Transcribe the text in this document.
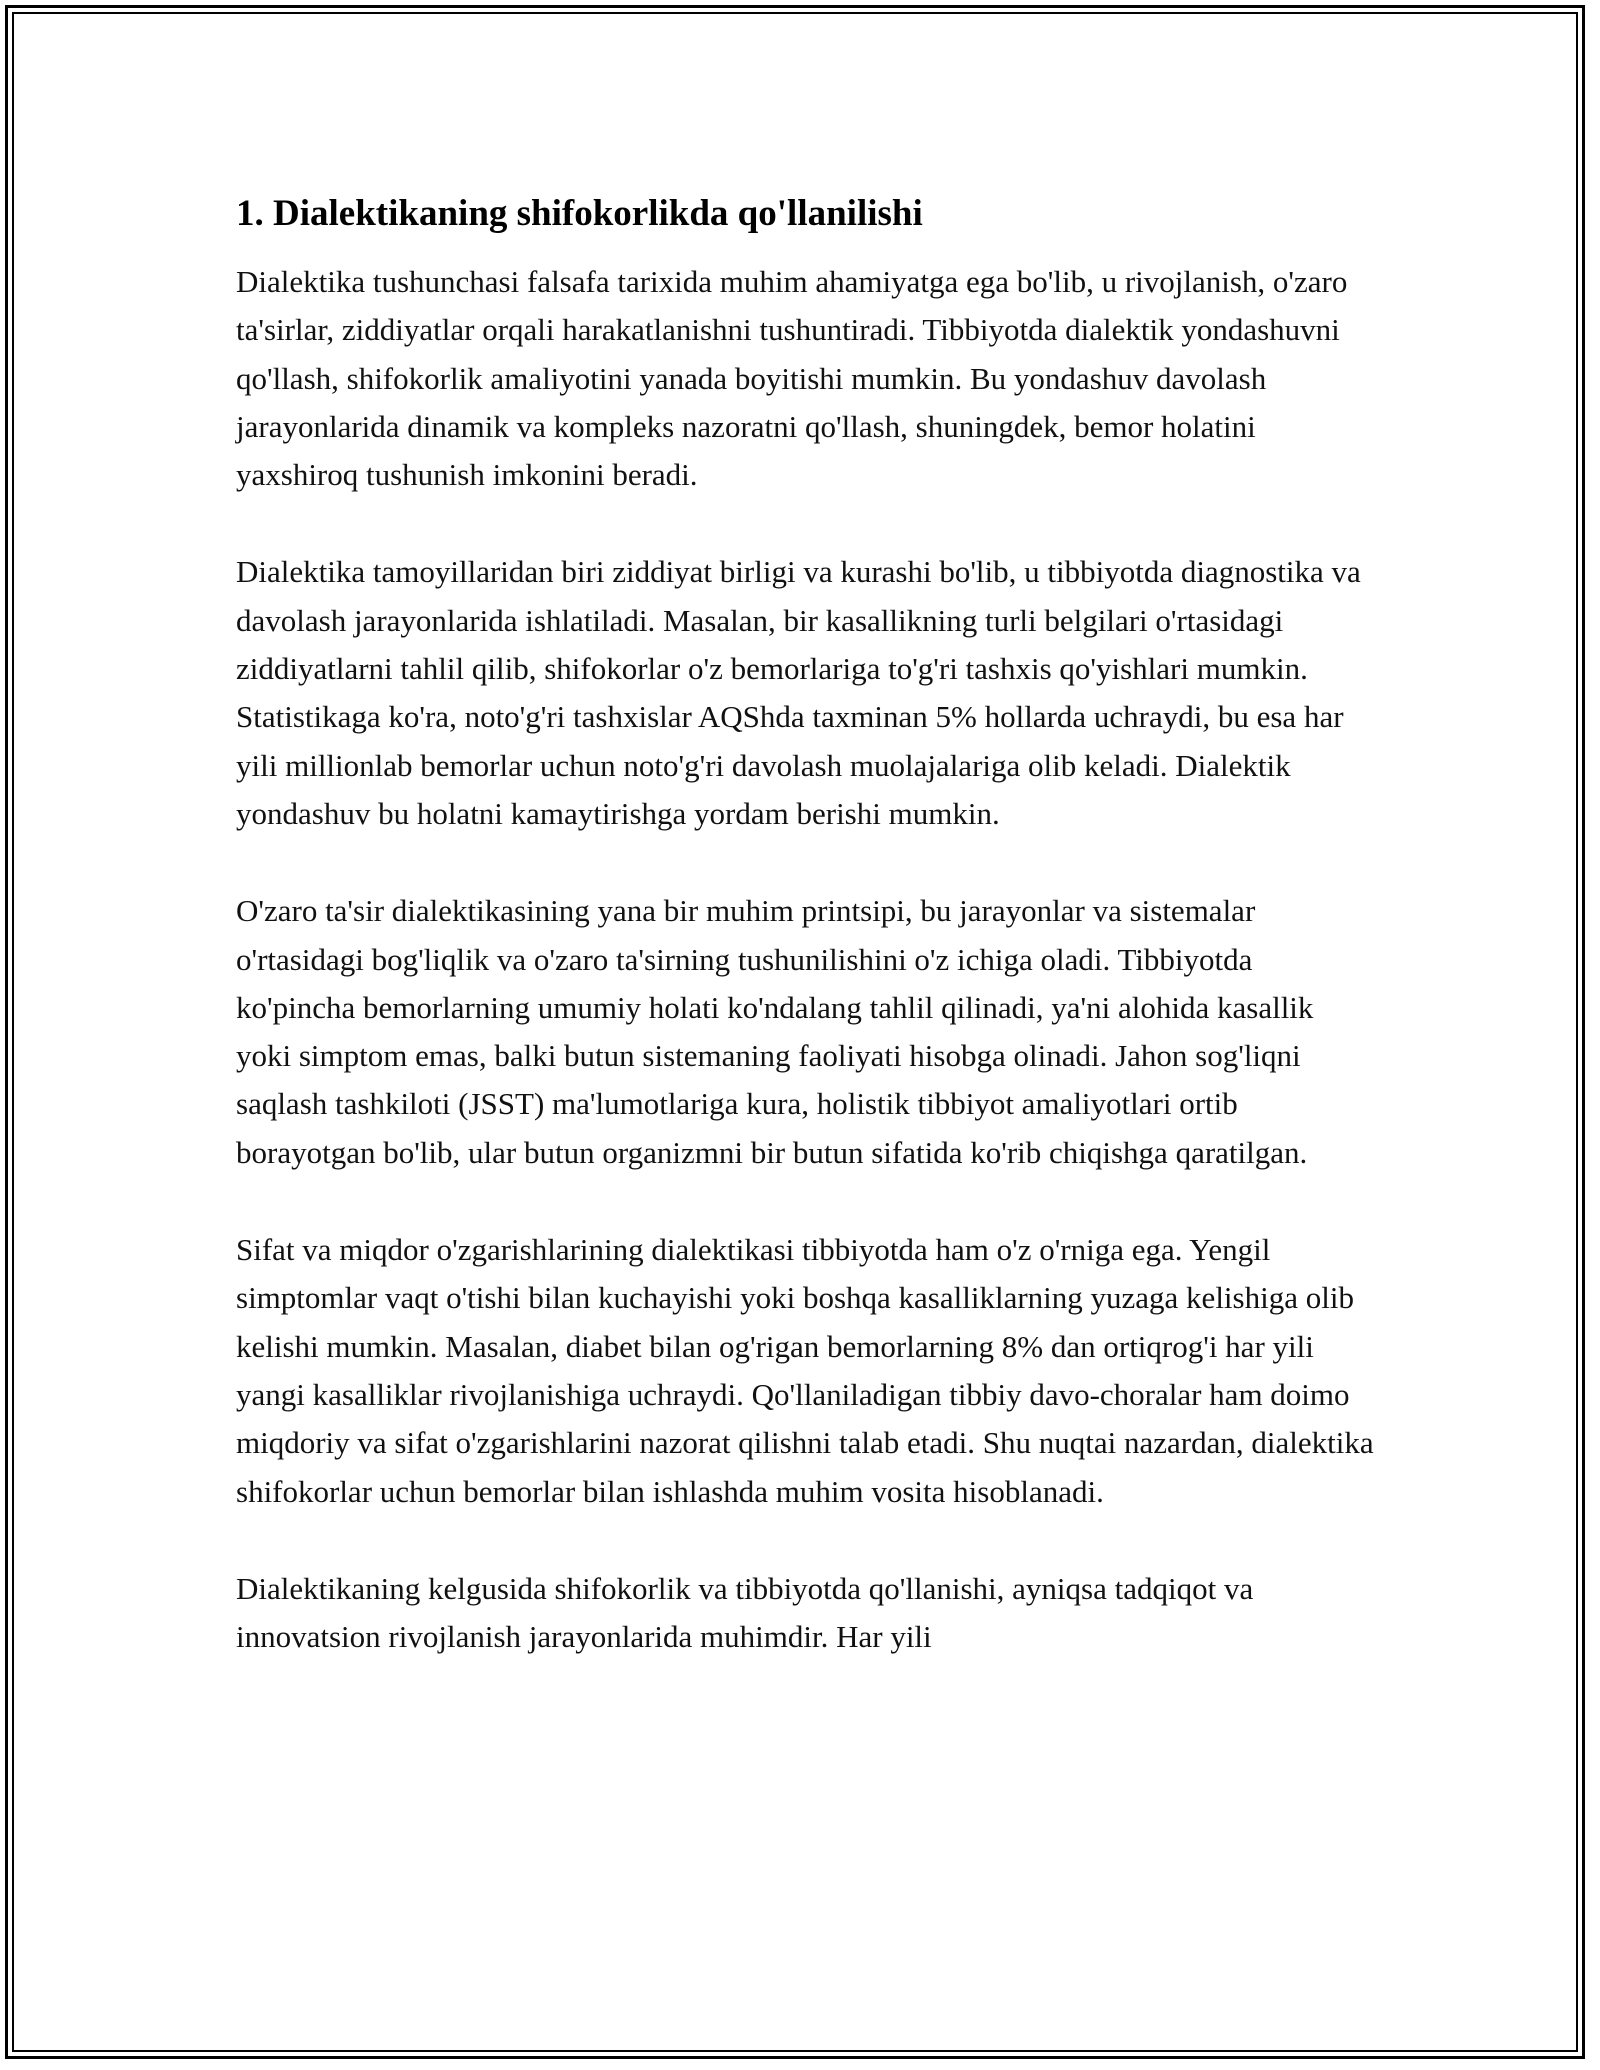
1. Dialektikaning shifokorlikda qo'llanilishi

Dialektika tushunchasi falsafa tarixida muhim ahamiyatga ega bo'lib, u rivojlanish, o'zaro ta'sirlar, ziddiyatlar orqali harakatlanishni tushuntiradi. Tibbiyotda dialektik yondashuvni qo'llash, shifokorlik amaliyotini yanada boyitishi mumkin. Bu yondashuv davolash jarayonlarida dinamik va kompleks nazoratni qo'llash, shuningdek, bemor holatini yaxshiroq tushunish imkonini beradi.

Dialektika tamoyillaridan biri ziddiyat birligi va kurashi bo'lib, u tibbiyotda diagnostika va davolash jarayonlarida ishlatiladi. Masalan, bir kasallikning turli belgilari o'rtasidagi ziddiyatlarni tahlil qilib, shifokorlar o'z bemorlariga to'g'ri tashxis qo'yishlari mumkin. Statistikaga ko'ra, noto'g'ri tashxislar AQShda taxminan 5% hollarda uchraydi, bu esa har yili millionlab bemorlar uchun noto'g'ri davolash muolajalariga olib keladi. Dialektik yondashuv bu holatni kamaytirishga yordam berishi mumkin.

O'zaro ta'sir dialektikasining yana bir muhim printsipi, bu jarayonlar va sistemalar o'rtasidagi bog'liqlik va o'zaro ta'sirning tushunilishini o'z ichiga oladi. Tibbiyotda ko'pincha bemorlarning umumiy holati ko'ndalang tahlil qilinadi, ya'ni alohida kasallik yoki simptom emas, balki butun sistemaning faoliyati hisobga olinadi. Jahon sog'liqni saqlash tashkiloti (JSST) ma'lumotlariga kura, holistik tibbiyot amaliyotlari ortib borayotgan bo'lib, ular butun organizmni bir butun sifatida ko'rib chiqishga qaratilgan.

Sifat va miqdor o'zgarishlarining dialektikasi tibbiyotda ham o'z o'rniga ega. Yengil simptomlar vaqt o'tishi bilan kuchayishi yoki boshqa kasalliklarning yuzaga kelishiga olib kelishi mumkin. Masalan, diabet bilan og'rigan bemorlarning 8% dan ortiqrog'i har yili yangi kasalliklar rivojlanishiga uchraydi. Qo'llaniladigan tibbiy davo-choralar ham doimo miqdoriy va sifat o'zgarishlarini nazorat qilishni talab etadi. Shu nuqtai nazardan, dialektika shifokorlar uchun bemorlar bilan ishlashda muhim vosita hisoblanadi.

Dialektikaning kelgusida shifokorlik va tibbiyotda qo'llanishi, ayniqsa tadqiqot va innovatsion rivojlanish jarayonlarida muhimdir. Har yili
